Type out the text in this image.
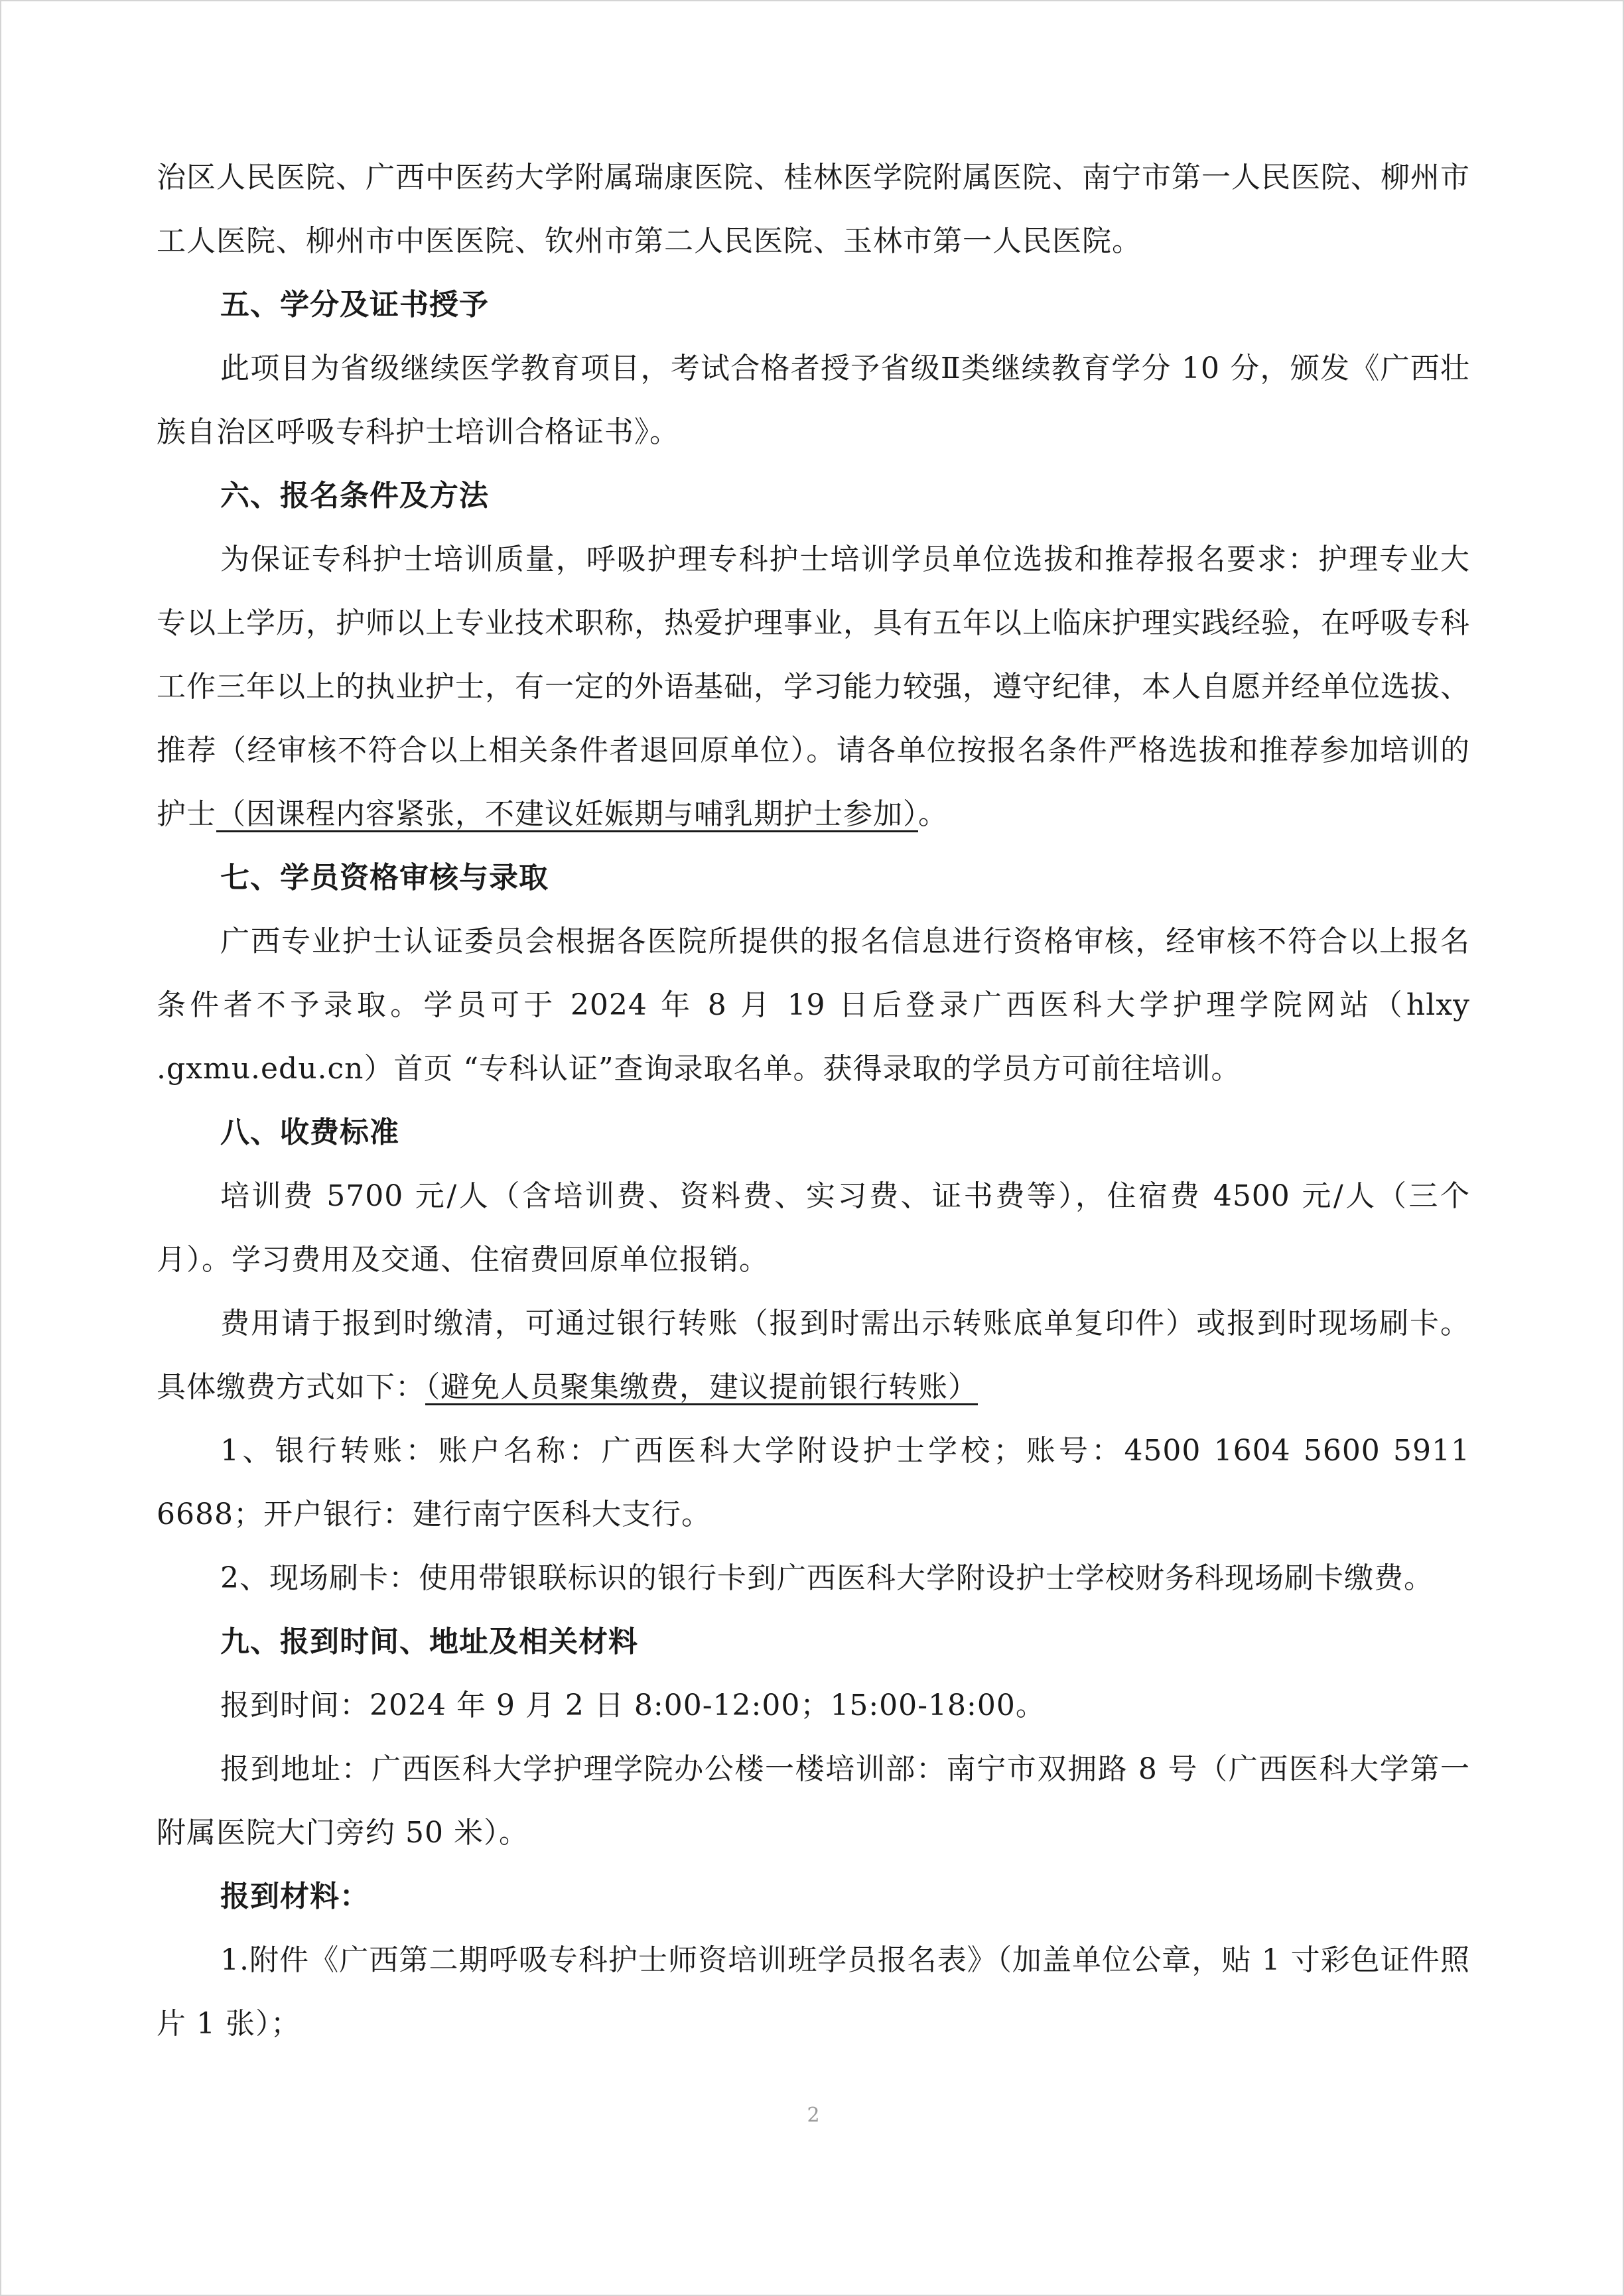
治区人民医院、广西中医药大学附属瑞康医院、桂林医学院附属医院、南宁市第一人民医院、柳州市工人医院、柳州市中医医院、钦州市第二人民医院、玉林市第一人民医院。

五、学分及证书授予

此项目为省级继续医学教育项目，考试合格者授予省级Ⅱ类继续教育学分 10 分，颁发《广西壮族自治区呼吸专科护士培训合格证书》。

六、报名条件及方法

为保证专科护士培训质量，呼吸护理专科护士培训学员单位选拔和推荐报名要求：护理专业大专以上学历，护师以上专业技术职称，热爱护理事业，具有五年以上临床护理实践经验，在呼吸专科工作三年以上的执业护士，有一定的外语基础，学习能力较强，遵守纪律，本人自愿并经单位选拔、推荐（经审核不符合以上相关条件者退回原单位）。请各单位按报名条件严格选拔和推荐参加培训的护士（因课程内容紧张，不建议妊娠期与哺乳期护士参加）。

七、学员资格审核与录取

广西专业护士认证委员会根据各医院所提供的报名信息进行资格审核，经审核不符合以上报名条件者不予录取。学员可于 2024 年 8 月 19 日后登录广西医科大学护理学院网站（hlxy .gxmu.edu.cn）首页 “专科认证”查询录取名单。获得录取的学员方可前往培训。

八、收费标准

培训费 5700 元/人（含培训费、资料费、实习费、证书费等），住宿费 4500 元/人（三个月）。学习费用及交通、住宿费回原单位报销。

费用请于报到时缴清，可通过银行转账（报到时需出示转账底单复印件）或报到时现场刷卡。具体缴费方式如下：（避免人员聚集缴费，建议提前银行转账）

1、银行转账：账户名称：广西医科大学附设护士学校；账号：4500 1604 5600 5911 6688；开户银行：建行南宁医科大支行。

2、现场刷卡：使用带银联标识的银行卡到广西医科大学附设护士学校财务科现场刷卡缴费。

九、报到时间、地址及相关材料

报到时间：2024 年 9 月 2 日 8:00-12:00；15:00-18:00。

报到地址：广西医科大学护理学院办公楼一楼培训部：南宁市双拥路 8 号（广西医科大学第一附属医院大门旁约 50 米）。

报到材料：

1.附件《广西第二期呼吸专科护士师资培训班学员报名表》（加盖单位公章，贴 1 寸彩色证件照片 1 张）；

2
